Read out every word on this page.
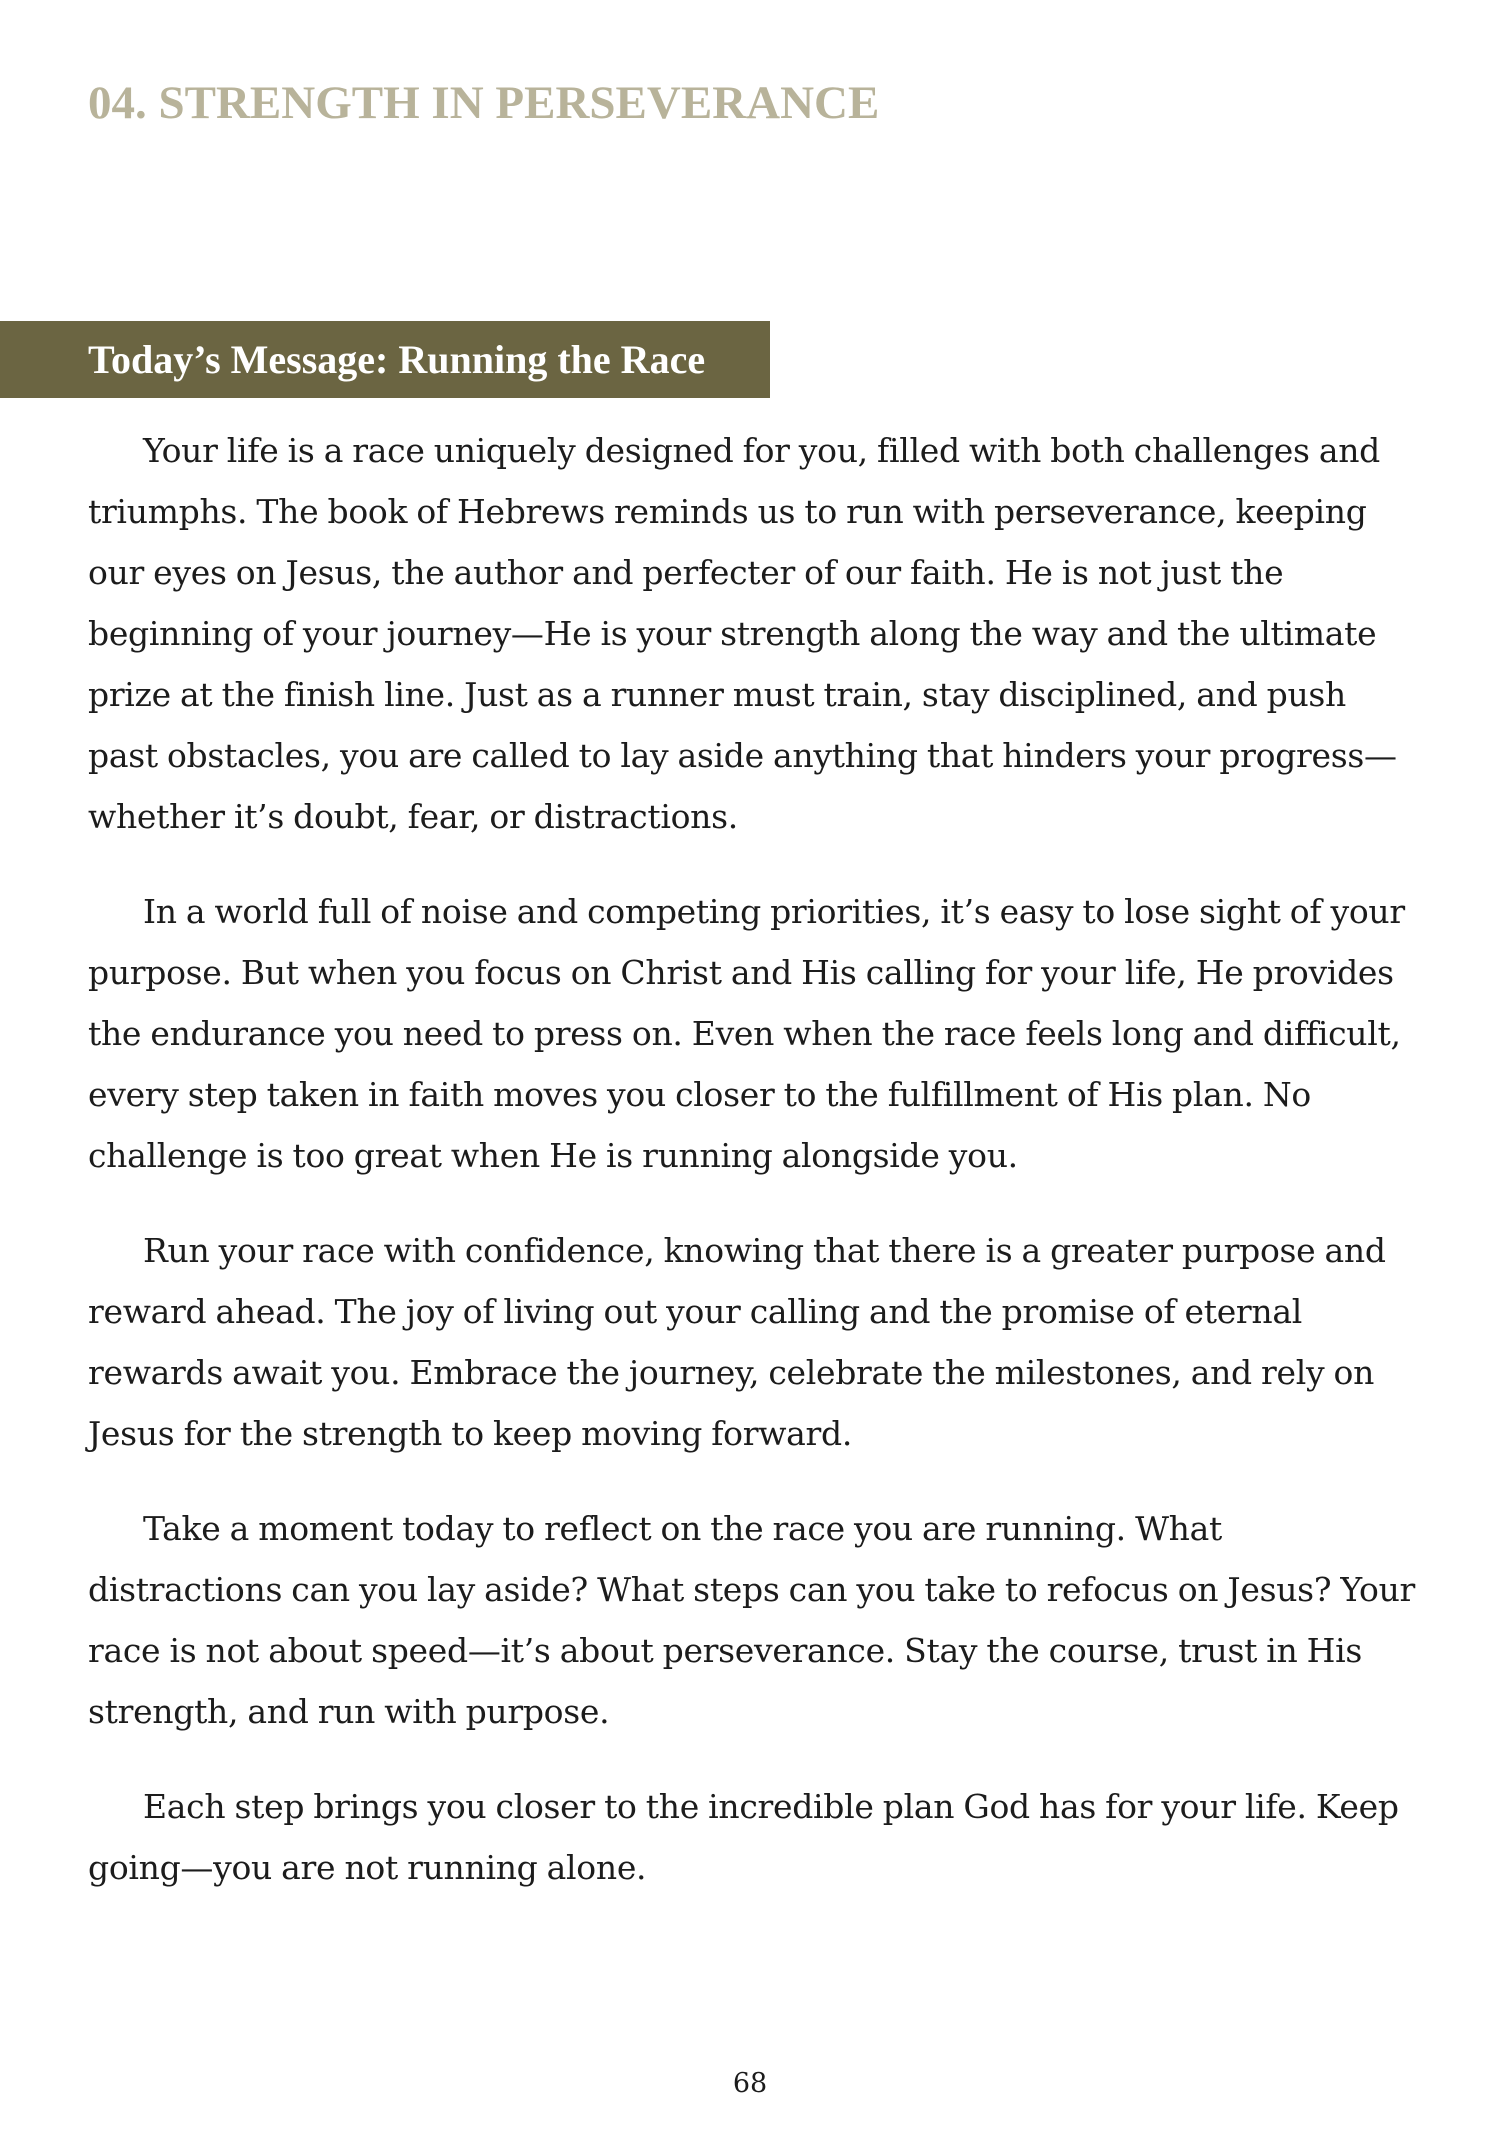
04. STRENGTH IN PERSEVERANCE
Today’s Message: Running the Race

Your life is a race uniquely designed for you, filled with both challenges and triumphs. The book of Hebrews reminds us to run with perseverance, keeping our eyes on Jesus, the author and perfecter of our faith. He is not just the beginning of your journey—He is your strength along the way and the ultimate prize at the finish line. Just as a runner must train, stay disciplined, and push past obstacles, you are called to lay aside anything that hinders your progress—whether it’s doubt, fear, or distractions.

In a world full of noise and competing priorities, it’s easy to lose sight of your purpose. But when you focus on Christ and His calling for your life, He provides the endurance you need to press on. Even when the race feels long and difficult, every step taken in faith moves you closer to the fulfillment of His plan. No challenge is too great when He is running alongside you.

Run your race with confidence, knowing that there is a greater purpose and reward ahead. The joy of living out your calling and the promise of eternal rewards await you. Embrace the journey, celebrate the milestones, and rely on Jesus for the strength to keep moving forward.

Take a moment today to reflect on the race you are running. What distractions can you lay aside? What steps can you take to refocus on Jesus? Your race is not about speed—it’s about perseverance. Stay the course, trust in His strength, and run with purpose.

Each step brings you closer to the incredible plan God has for your life. Keep going—you are not running alone.

68
